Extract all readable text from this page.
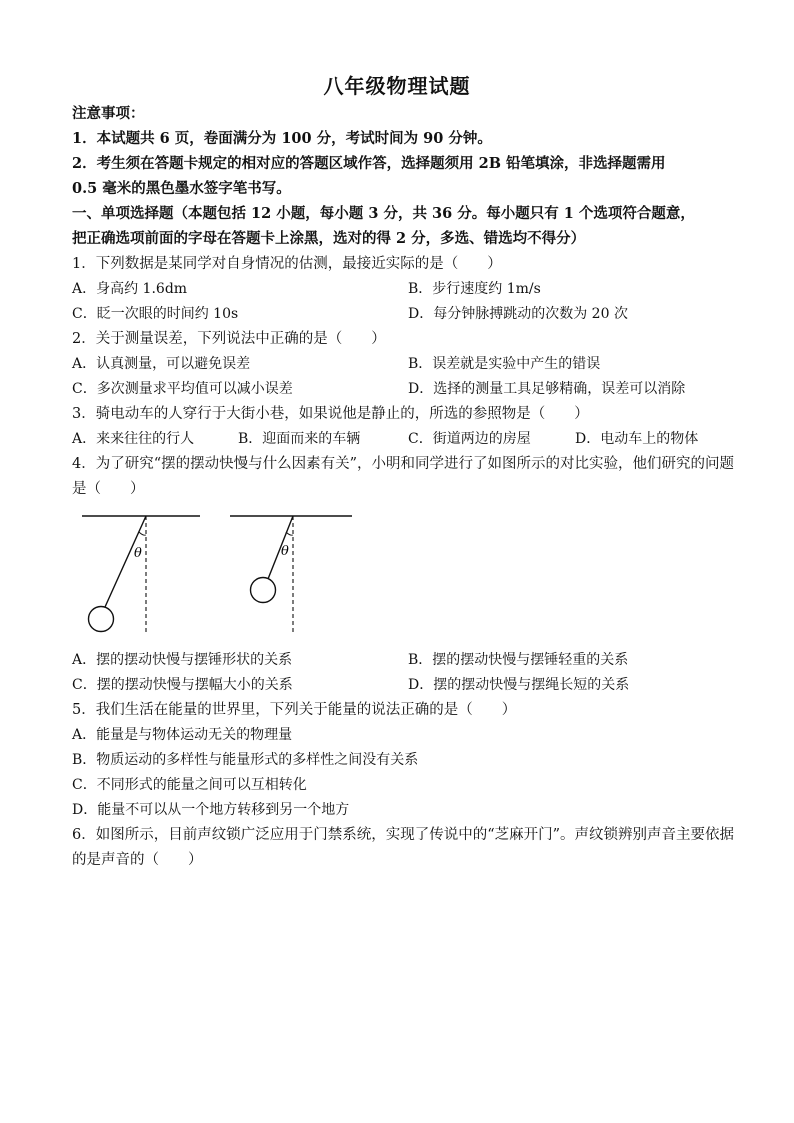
八年级物理试题
注意事项：
1．本试题共 6 页，卷面满分为 100 分，考试时间为 90 分钟。
2．考生须在答题卡规定的相对应的答题区域作答，选择题须用 2B 铅笔填涂，非选择题需用
0.5 毫米的黑色墨水签字笔书写。
一、单项选择题（本题包括 12 小题，每小题 3 分，共 36 分。每小题只有 1 个选项符合题意，
把正确选项前面的字母在答题卡上涂黑，选对的得 2 分，多选、错选均不得分）
1．下列数据是某同学对自身情况的估测，最接近实际的是（　　）
A．身高约 1.6dm	B．步行速度约 1m/s
C．眨一次眼的时间约 10s	D．每分钟脉搏跳动的次数为 20 次
2．关于测量误差，下列说法中正确的是（　　）
A．认真测量，可以避免误差	B．误差就是实验中产生的错误
C．多次测量求平均值可以减小误差	D．选择的测量工具足够精确，误差可以消除
3．骑电动车的人穿行于大街小巷，如果说他是静止的，所选的参照物是（　　）
A．来来往往的行人	B．迎面而来的车辆	C．街道两边的房屋	D．电动车上的物体
4．为了研究“摆的摆动快慢与什么因素有关”，小明和同学进行了如图所示的对比实验，他们研究的问题
是（　　）
θ	θ
A．摆的摆动快慢与摆锤形状的关系	B．摆的摆动快慢与摆锤轻重的关系
C．摆的摆动快慢与摆幅大小的关系	D．摆的摆动快慢与摆绳长短的关系
5．我们生活在能量的世界里，下列关于能量的说法正确的是（　　）
A．能量是与物体运动无关的物理量
B．物质运动的多样性与能量形式的多样性之间没有关系
C．不同形式的能量之间可以互相转化
D．能量不可以从一个地方转移到另一个地方
6．如图所示，目前声纹锁广泛应用于门禁系统，实现了传说中的“芝麻开门”。声纹锁辨别声音主要依据
的是声音的（　　）
